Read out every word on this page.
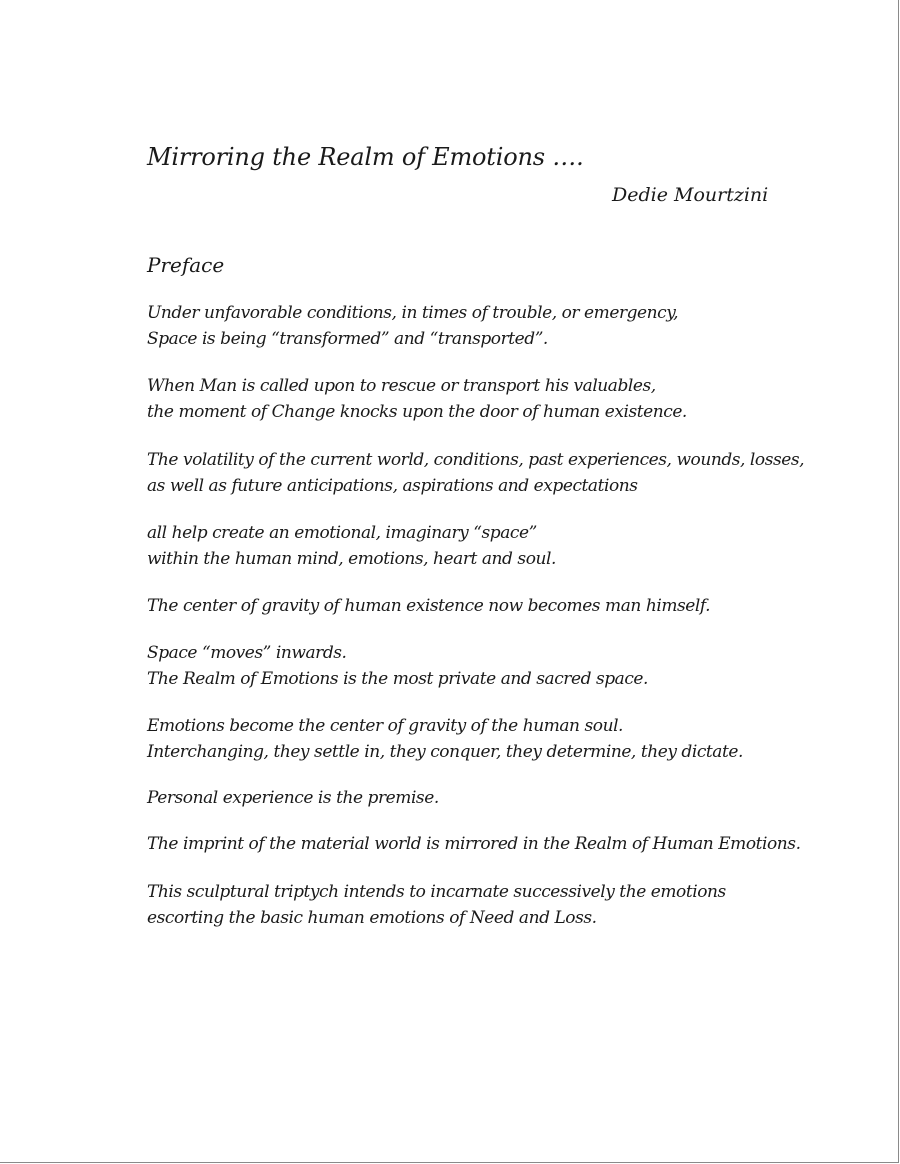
Mirroring the Realm of Emotions ….
Dedie Mourtzini
Preface
Under unfavorable conditions, in times of trouble, or emergency,
Space is being “transformed” and “transported”.
When Man is called upon to rescue or transport his valuables,
the moment of Change knocks upon the door of human existence.
The volatility of the current world, conditions, past experiences, wounds, losses,
as well as future anticipations, aspirations and expectations
all help create an emotional, imaginary “space”
within the human mind, emotions, heart and soul.
The center of gravity of human existence now becomes man himself.
Space “moves” inwards.
The Realm of Emotions is the most private and sacred space.
Emotions become the center of gravity of the human soul.
Interchanging, they settle in, they conquer, they determine, they dictate.
Personal experience is the premise.
The imprint of the material world is mirrored in the Realm of Human Emotions.
This sculptural triptych intends to incarnate successively the emotions
escorting the basic human emotions of Need and Loss.
